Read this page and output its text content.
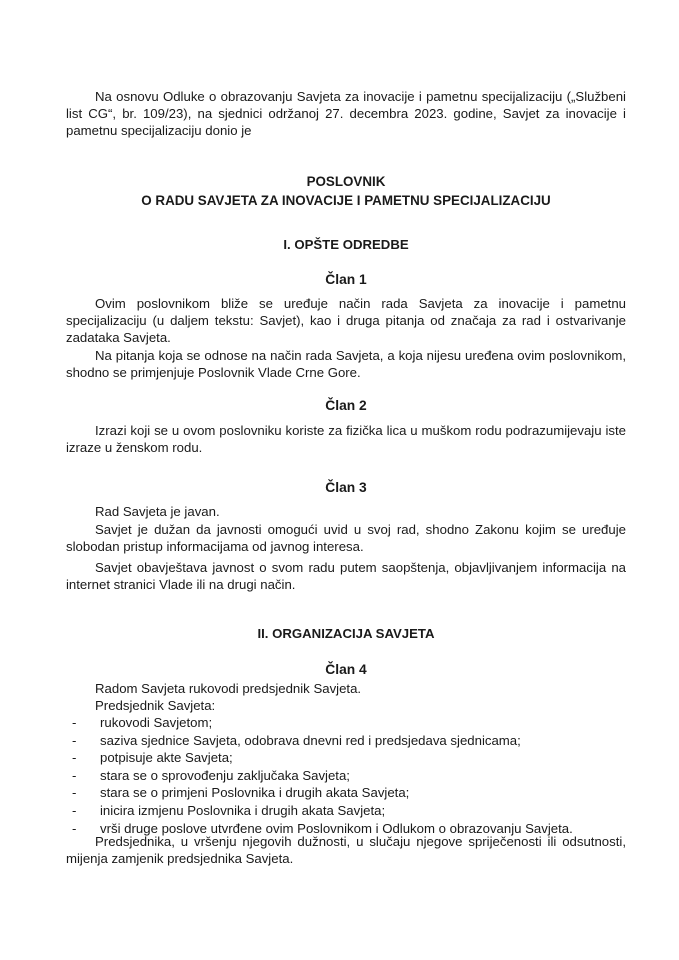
Na osnovu Odluke o obrazovanju Savjeta za inovacije i pametnu specijalizaciju („Službeni list CG“, br. 109/23), na sjednici održanoj 27. decembra 2023. godine, Savjet za inovacije i pametnu specijalizaciju donio je

POSLOVNIK
O RADU SAVJETA ZA INOVACIJE I PAMETNU SPECIJALIZACIJU

I. OPŠTE ODREDBE

Član 1

Ovim poslovnikom bliže se uređuje način rada Savjeta za inovacije i pametnu specijalizaciju (u daljem tekstu: Savjet), kao i druga pitanja od značaja za rad i ostvarivanje zadataka Savjeta.

Na pitanja koja se odnose na način rada Savjeta, a koja nijesu uređena ovim poslovnikom, shodno se primjenjuje Poslovnik Vlade Crne Gore.

Član 2

Izrazi koji se u ovom poslovniku koriste za fizička lica u muškom rodu podrazumijevaju iste izraze u ženskom rodu.

Član 3

Rad Savjeta je javan.

Savjet je dužan da javnosti omogući uvid u svoj rad, shodno Zakonu kojim se uređuje slobodan pristup informacijama od javnog interesa.

Savjet obavještava javnost o svom radu putem saopštenja, objavljivanjem informacija na internet stranici Vlade ili na drugi način.

II. ORGANIZACIJA SAVJETA

Član 4

Radom Savjeta rukovodi predsjednik Savjeta.

Predsjednik Savjeta:

- rukovodi Savjetom;
- saziva sjednice Savjeta, odobrava dnevni red i predsjedava sjednicama;
- potpisuje akte Savjeta;
- stara se o sprovođenju zaključaka Savjeta;
- stara se o primjeni Poslovnika i drugih akata Savjeta;
- inicira izmjenu Poslovnika i drugih akata Savjeta;
- vrši druge poslove utvrđene ovim Poslovnikom i Odlukom o obrazovanju Savjeta.

Predsjednika, u vršenju njegovih dužnosti, u slučaju njegove spriječenosti ili odsutnosti, mijenja zamjenik predsjednika Savjeta.
